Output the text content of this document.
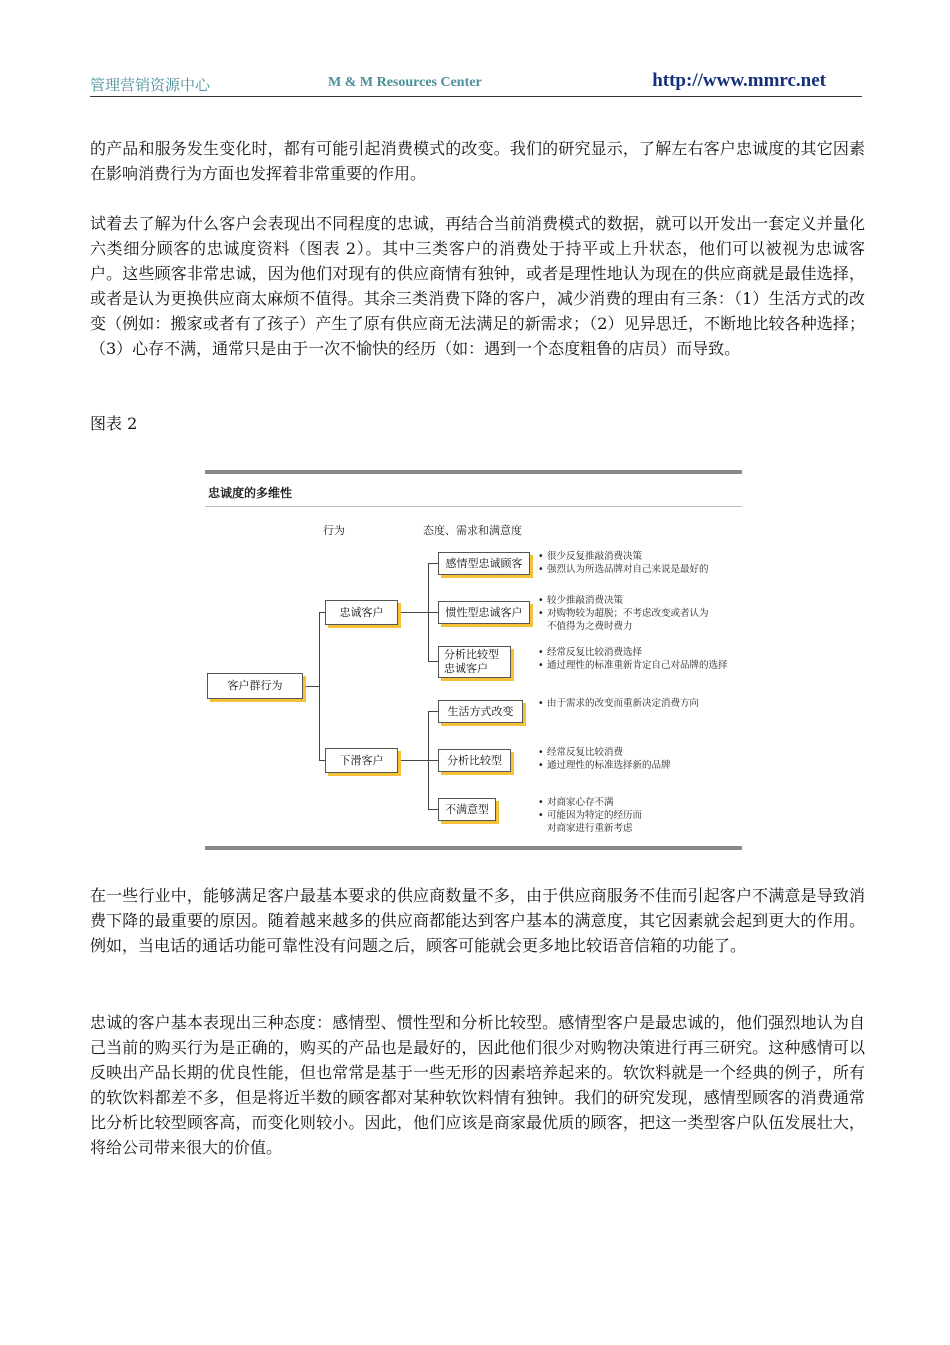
管理营销资源中心	M & M Resources Center	http://www.mmrc.net

的产品和服务发生变化时，都有可能引起消费模式的改变。我们的研究显示，了解左右客户忠诚度的其它因素在影响消费行为方面也发挥着非常重要的作用。

试着去了解为什么客户会表现出不同程度的忠诚，再结合当前消费模式的数据，就可以开发出一套定义并量化六类细分顾客的忠诚度资料（图表 2）。其中三类客户的消费处于持平或上升状态，他们可以被视为忠诚客户。这些顾客非常忠诚，因为他们对现有的供应商情有独钟，或者是理性地认为现在的供应商就是最佳选择，或者是认为更换供应商太麻烦不值得。其余三类消费下降的客户，减少消费的理由有三条：（1）生活方式的改变（例如：搬家或者有了孩子）产生了原有供应商无法满足的新需求；（2）见异思迁，不断地比较各种选择；（3）心存不满，通常只是由于一次不愉快的经历（如：遇到一个态度粗鲁的店员）而导致。

图表 2

忠诚度的多维性
行为	态度、需求和满意度
客户群行为
忠诚客户
下滑客户
感情型忠诚顾客
惯性型忠诚客户
分析比较型
忠诚客户
生活方式改变
分析比较型
不满意型
• 很少反复推敲消费决策
• 强烈认为所选品牌对自己来说是最好的
• 较少推敲消费决策
• 对购物较为超脱；不考虑改变或者认为
不值得为之费时费力
• 经常反复比较消费选择
• 通过理性的标准重新肯定自己对品牌的选择
• 由于需求的改变而重新决定消费方向
• 经常反复比较消费
• 通过理性的标准选择新的品牌
• 对商家心存不满
• 可能因为特定的经历而
对商家进行重新考虑

在一些行业中，能够满足客户最基本要求的供应商数量不多，由于供应商服务不佳而引起客户不满意是导致消费下降的最重要的原因。随着越来越多的供应商都能达到客户基本的满意度，其它因素就会起到更大的作用。例如，当电话的通话功能可靠性没有问题之后，顾客可能就会更多地比较语音信箱的功能了。

忠诚的客户基本表现出三种态度：感情型、惯性型和分析比较型。感情型客户是最忠诚的，他们强烈地认为自己当前的购买行为是正确的，购买的产品也是最好的，因此他们很少对购物决策进行再三研究。这种感情可以反映出产品长期的优良性能，但也常常是基于一些无形的因素培养起来的。软饮料就是一个经典的例子，所有的软饮料都差不多，但是将近半数的顾客都对某种软饮料情有独钟。我们的研究发现，感情型顾客的消费通常比分析比较型顾客高，而变化则较小。因此，他们应该是商家最优质的顾客，把这一类型客户队伍发展壮大，将给公司带来很大的价值。
